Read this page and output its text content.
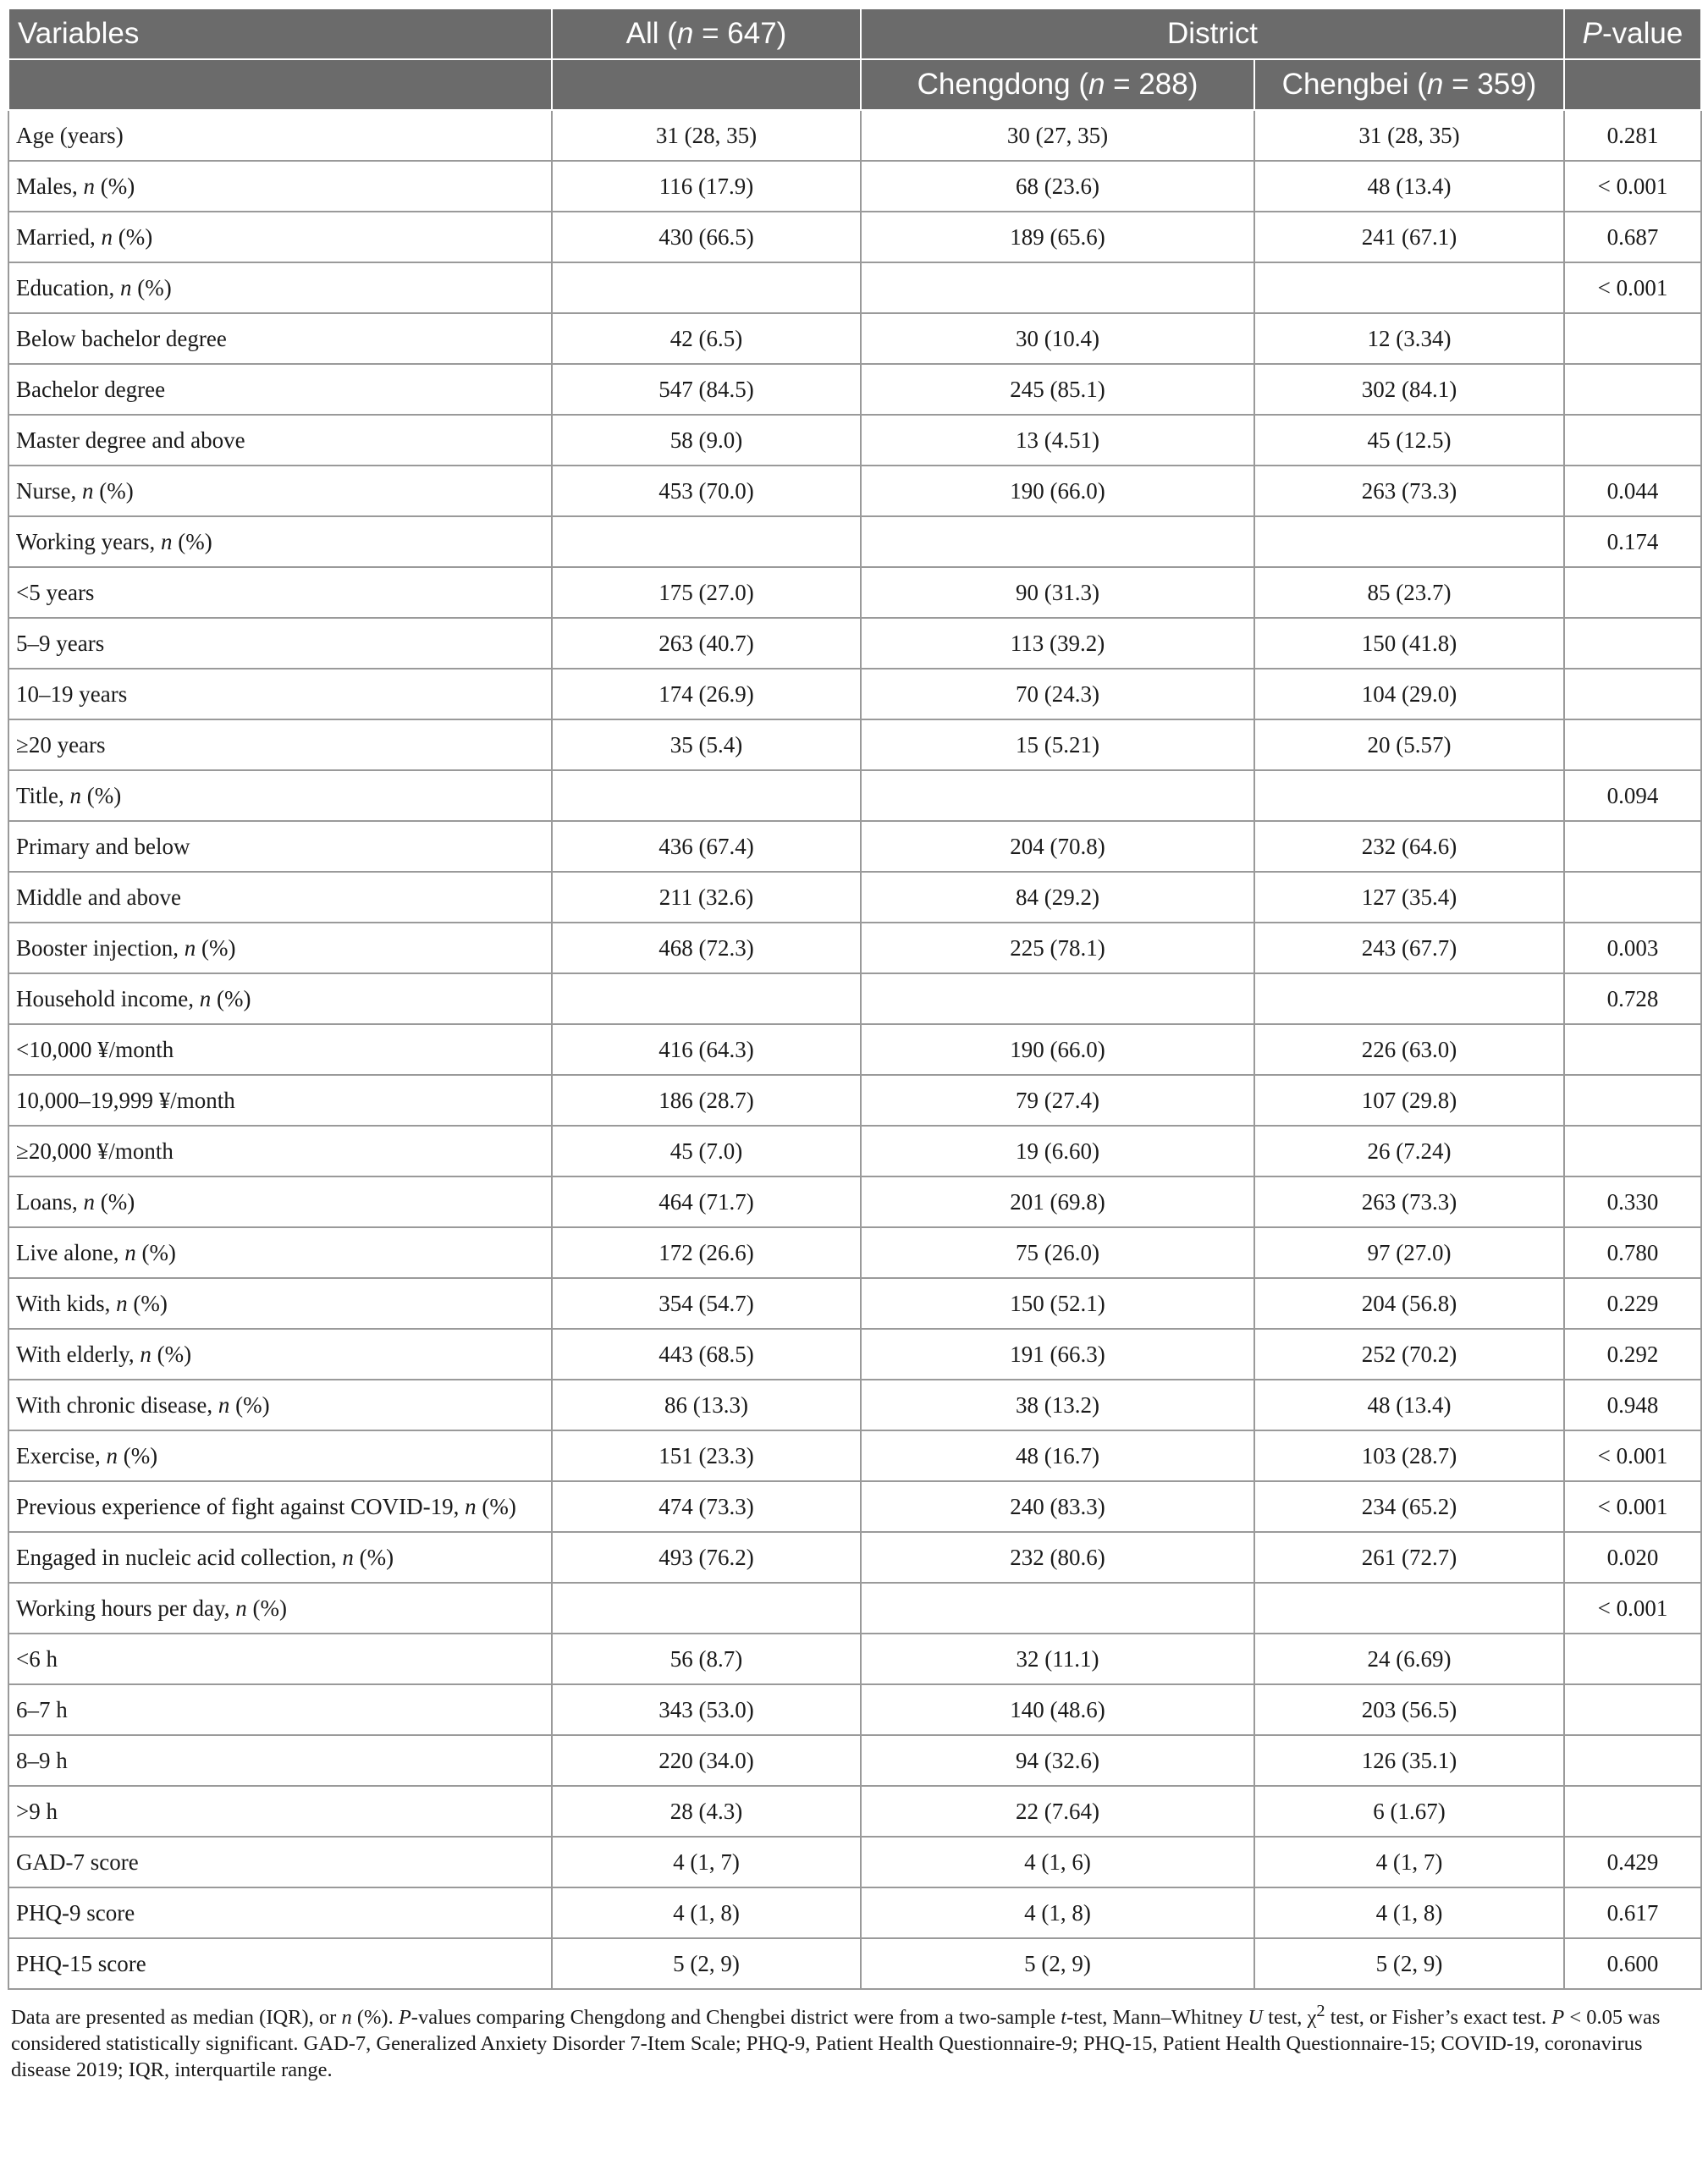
Variables	All (n = 647)	District		P-value
		Chengdong (n = 288)	Chengbei (n = 359)	
Age (years)	31 (28, 35)	30 (27, 35)	31 (28, 35)	0.281
Males, n (%)	116 (17.9)	68 (23.6)	48 (13.4)	< 0.001
Married, n (%)	430 (66.5)	189 (65.6)	241 (67.1)	0.687
Education, n (%)				< 0.001
Below bachelor degree	42 (6.5)	30 (10.4)	12 (3.34)	
Bachelor degree	547 (84.5)	245 (85.1)	302 (84.1)	
Master degree and above	58 (9.0)	13 (4.51)	45 (12.5)	
Nurse, n (%)	453 (70.0)	190 (66.0)	263 (73.3)	0.044
Working years, n (%)				0.174
<5 years	175 (27.0)	90 (31.3)	85 (23.7)	
5–9 years	263 (40.7)	113 (39.2)	150 (41.8)	
10–19 years	174 (26.9)	70 (24.3)	104 (29.0)	
≥20 years	35 (5.4)	15 (5.21)	20 (5.57)	
Title, n (%)				0.094
Primary and below	436 (67.4)	204 (70.8)	232 (64.6)	
Middle and above	211 (32.6)	84 (29.2)	127 (35.4)	
Booster injection, n (%)	468 (72.3)	225 (78.1)	243 (67.7)	0.003
Household income, n (%)				0.728
<10,000 ¥/month	416 (64.3)	190 (66.0)	226 (63.0)	
10,000–19,999 ¥/month	186 (28.7)	79 (27.4)	107 (29.8)	
≥20,000 ¥/month	45 (7.0)	19 (6.60)	26 (7.24)	
Loans, n (%)	464 (71.7)	201 (69.8)	263 (73.3)	0.330
Live alone, n (%)	172 (26.6)	75 (26.0)	97 (27.0)	0.780
With kids, n (%)	354 (54.7)	150 (52.1)	204 (56.8)	0.229
With elderly, n (%)	443 (68.5)	191 (66.3)	252 (70.2)	0.292
With chronic disease, n (%)	86 (13.3)	38 (13.2)	48 (13.4)	0.948
Exercise, n (%)	151 (23.3)	48 (16.7)	103 (28.7)	< 0.001
Previous experience of fight against COVID-19, n (%)	474 (73.3)	240 (83.3)	234 (65.2)	< 0.001
Engaged in nucleic acid collection, n (%)	493 (76.2)	232 (80.6)	261 (72.7)	0.020
Working hours per day, n (%)				< 0.001
<6 h	56 (8.7)	32 (11.1)	24 (6.69)	
6–7 h	343 (53.0)	140 (48.6)	203 (56.5)	
8–9 h	220 (34.0)	94 (32.6)	126 (35.1)	
>9 h	28 (4.3)	22 (7.64)	6 (1.67)	
GAD-7 score	4 (1, 7)	4 (1, 6)	4 (1, 7)	0.429
PHQ-9 score	4 (1, 8)	4 (1, 8)	4 (1, 8)	0.617
PHQ-15 score	5 (2, 9)	5 (2, 9)	5 (2, 9)	0.600
Data are presented as median (IQR), or n (%). P-values comparing Chengdong and Chengbei district were from a two-sample t-test, Mann–Whitney U test, $\chi^2$ test, or Fisher’s exact test. P < 0.05 was considered statistically significant. GAD-7, Generalized Anxiety Disorder 7-Item Scale; PHQ-9, Patient Health Questionnaire-9; PHQ-15, Patient Health Questionnaire-15; COVID-19, coronavirus disease 2019; IQR, interquartile range.
